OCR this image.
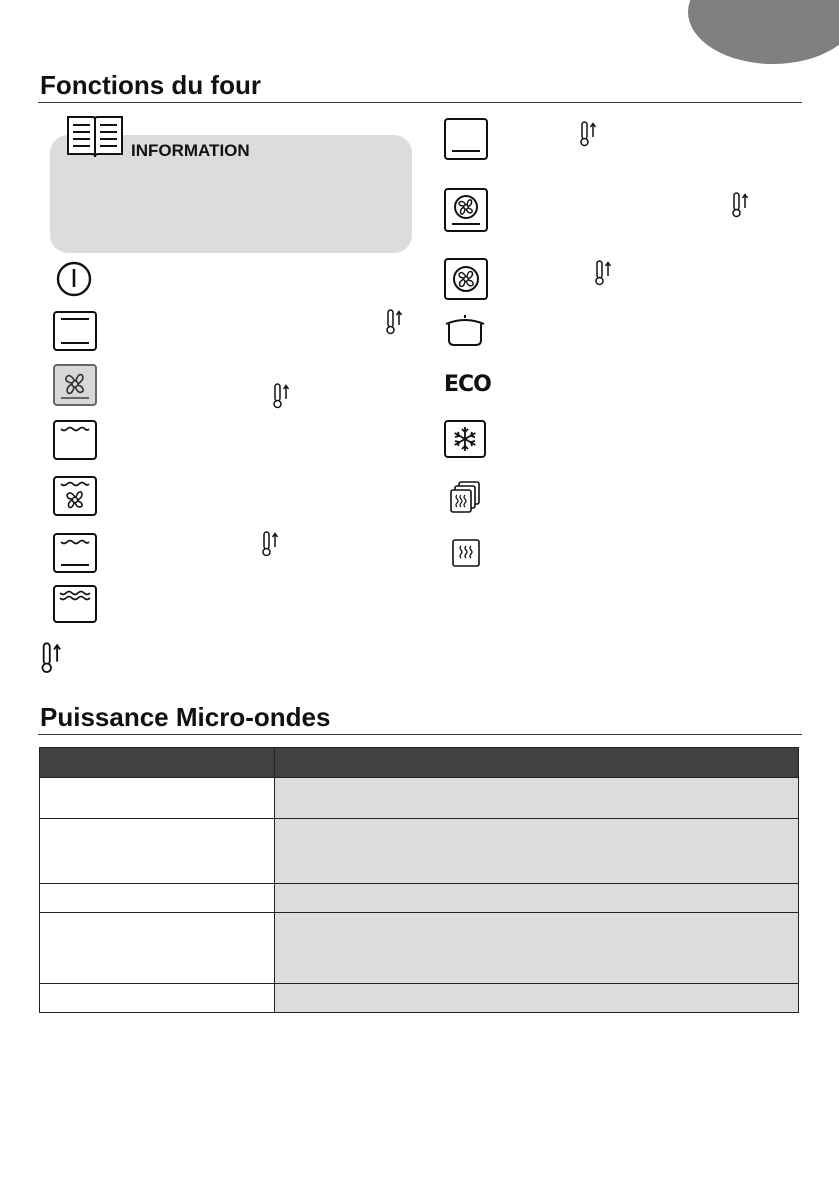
Fonctions du four
INFORMATION
ECO
Puissance Micro-ondes
